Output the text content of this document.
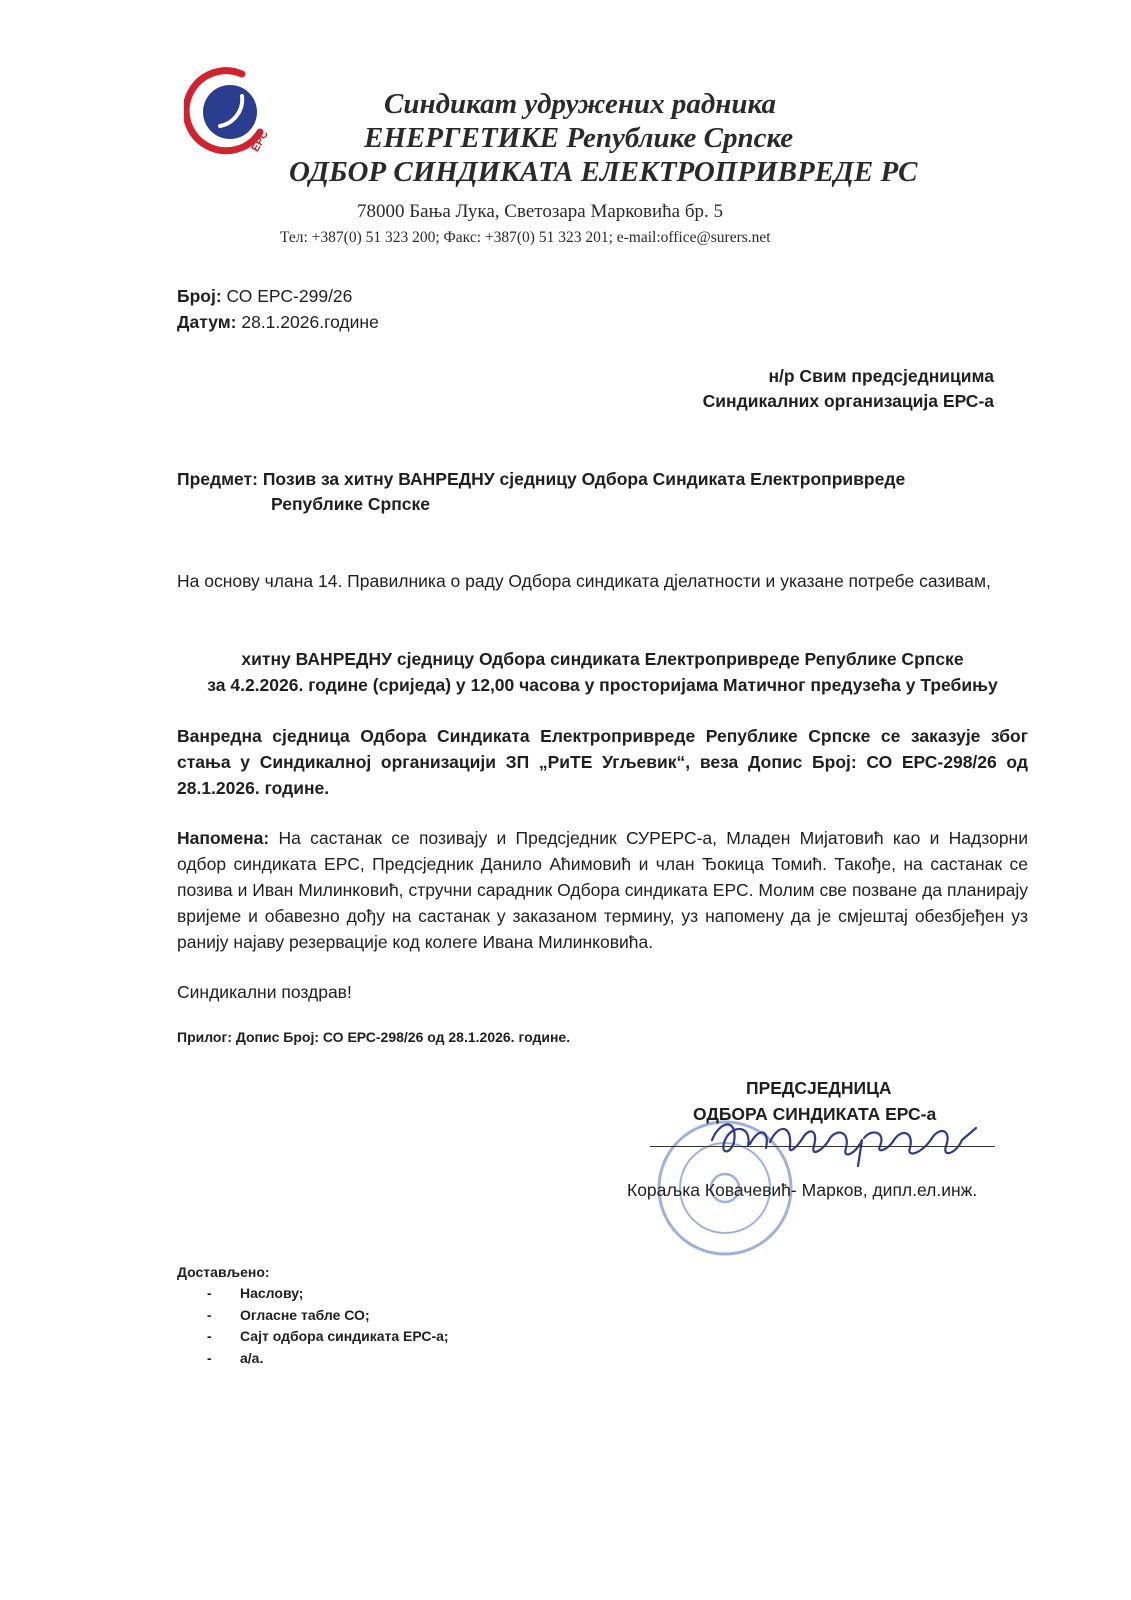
ЕРС
Синдикат удружених радника
ЕНЕРГЕТИКЕ Републике Српске
ОДБОР СИНДИКАТА ЕЛЕКТРОПРИВРЕДЕ РС
78000 Бања Лука, Светозара Марковића бр. 5
Тел: +387(0) 51 323 200; Факс: +387(0) 51 323 201; e-mail:office@surers.net
Број: СО ЕРС-299/26
Датум: 28.1.2026.године
н/р Свим предсједницима
Синдикалних организација ЕРС-а
Предмет: Позив за хитну ВАНРЕДНУ сједницу Одбора Синдиката Електропривреде
Републике Српске
На основу члана 14. Правилника о раду Одбора синдиката дјелатности и указане потребе сазивам,
хитну ВАНРЕДНУ сједницу Одбора синдиката Електропривреде Републике Српске
за 4.2.2026. године (сриједа) у 12,00 часова у просторијама Матичног предузећа у Требињу
Ванредна сједница Одбора Синдиката Електропривреде Републике Српске се заказује због стања у Синдикалној организацији ЗП „РиТЕ Угљевик“, веза Допис Број: СО ЕРС-298/26 од 28.1.2026. године.
Напомена: На састанак се позивају и Предсједник СУРЕРС-а, Младен Мијатовић као и Надзорни одбор синдиката ЕРС, Предсједник Данило Аћимовић и члан Ђокица Томић. Такође, на састанак се позива и Иван Милинковић, стручни сарадник Одбора синдиката ЕРС. Молим све позване да планирају вријеме и обавезно дођу на састанак у заказаном термину, уз напомену да је смјештај обезбјеђен уз ранију најаву резервације код колеге Ивана Милинковића.
Синдикални поздрав!
Прилог: Допис Број: СО ЕРС-298/26 од 28.1.2026. године.
ПРЕДСЈЕДНИЦА
ОДБОРА СИНДИКАТА ЕРС-а
Корaљка Ковачевић- Марков, дипл.ел.инж.
Достављено:
- Наслову;
- Огласне табле СО;
- Сајт одбора синдиката ЕРС-а;
- а/а.
